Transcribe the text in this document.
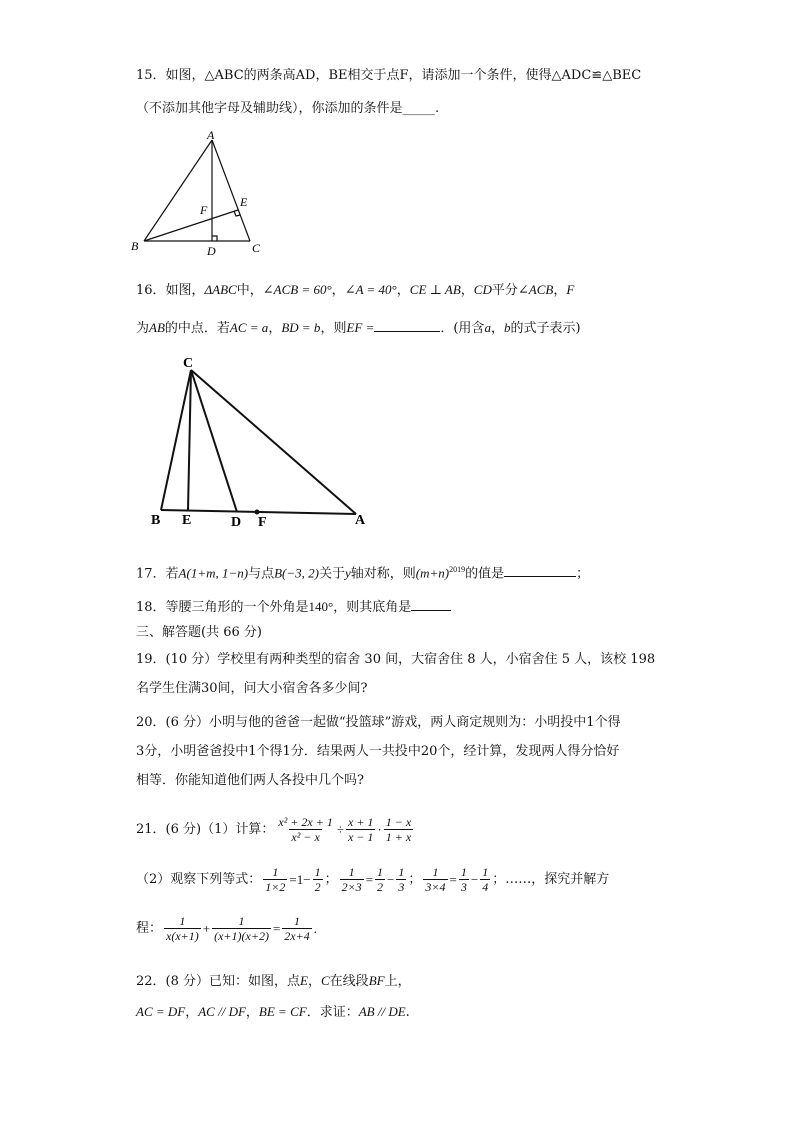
15．如图，△ABC的两条高AD，BE相交于点F，请添加一个条件，使得△ADC≌△BEC
（不添加其他字母及辅助线），你添加的条件是_____.
A
B	C
D
E
F
16．如图，ΔABC中，∠ACB = 60°，∠A = 40°，CE ⊥ AB，CD平分∠ACB，F
为AB的中点．若AC = a，BD = b，则EF =	．(用含a，b的式子表示)
C
B E	D F	A
17．若A(1+m, 1−n)与点B(−3, 2)关于y轴对称，则$(m+n)^{2019}$的值是	；
18．等腰三角形的一个外角是140°，则其底角是
三、解答题(共 66 分)
19．(10 分）学校里有两种类型的宿舍 30 间，大宿舍住 8 人，小宿舍住 5 人，该校 198
名学生住满30间，问大小宿舍各多少间?
20．(6 分）小明与他的爸爸一起做“投篮球”游戏，两人商定规则为：小明投中1个得
3分，小明爸爸投中1个得1分．结果两人一共投中20个，经计算，发现两人得分恰好
相等．你能知道他们两人各投中几个吗?
21．(6 分)（1）计算： $\frac{\text{x² + 2x + 1}}{\text{x² − x}} \div \frac{x + 1}{x - 1} \cdot \frac{1 - x}{1 + x}$
（2）观察下列等式： $\frac{1}{1\times 2} =1- \frac{1}{2}$ ； $\frac{1}{2\times 3} = \frac{1}{2} - \frac{1}{3}$ ； $\frac{1}{3\times 4} = \frac{1}{3} - \frac{1}{4}$ ；……，探究并解方
程： $\frac{1}{x(x+1)} + \frac{1}{(x+1)(x+2)} = \frac{1}{2x+4}$ .
22．(8 分）已知：如图，点E，C在线段BF上，
AC = DF，AC // DF，BE = CF．求证：AB // DE.
